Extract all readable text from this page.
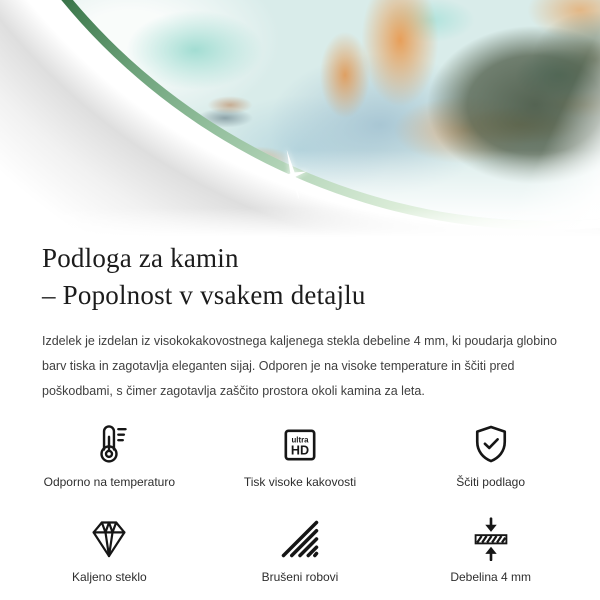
Podloga za kamin
– Popolnost v vsakem detajlu

Izdelek je izdelan iz visokokakovostnega kaljenega stekla debeline 4 mm, ki poudarja globino barv tiska in zagotavlja eleganten sijaj. Odporen je na visoke temperature in ščiti pred poškodbami, s čimer zagotavlja zaščito prostora okoli kamina za leta.

Odporno na temperaturo
ultra
HD
Tisk visoke kakovosti	Ščiti podlago
Kaljeno steklo	Brušeni robovi	Debelina 4 mm
